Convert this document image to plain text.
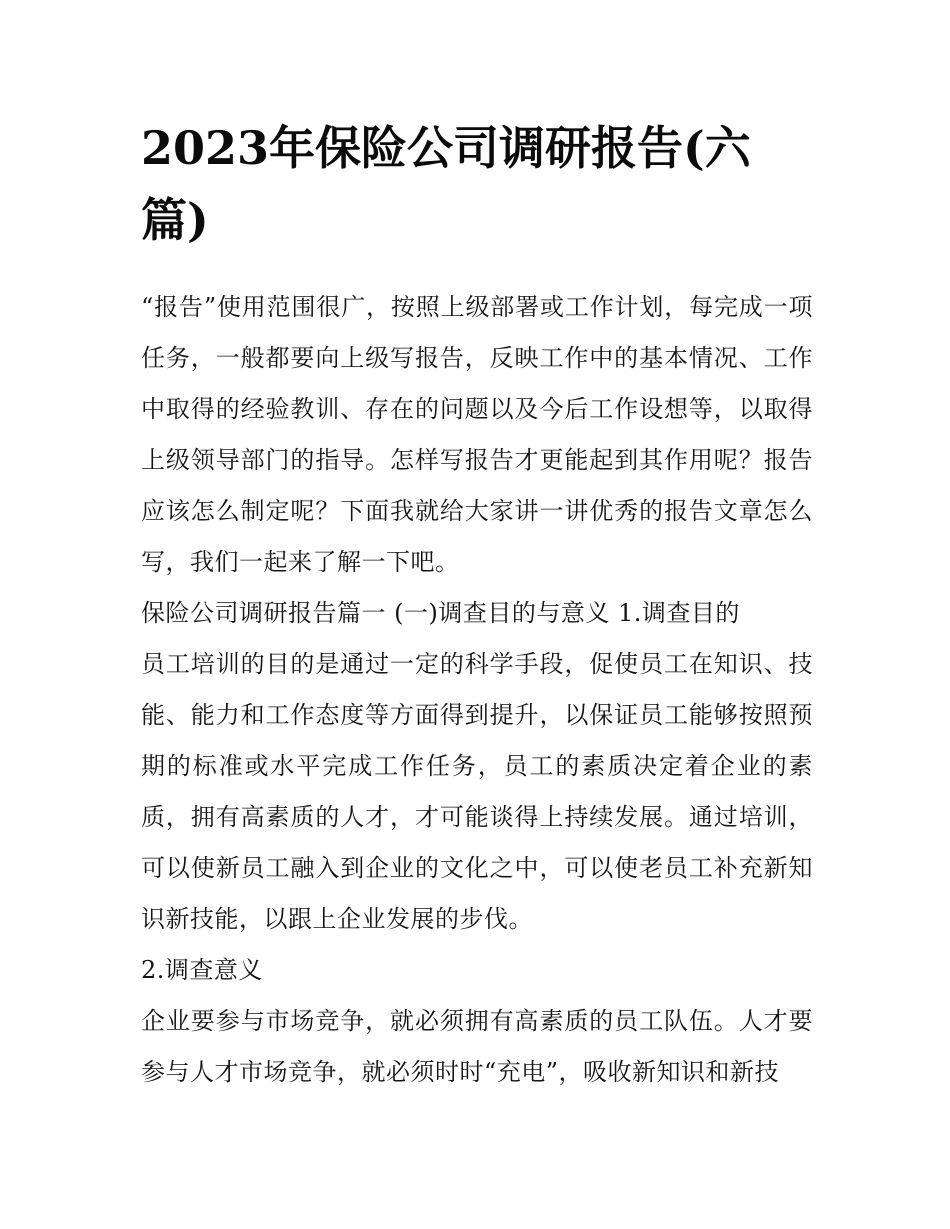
2023年保险公司调研报告(六篇)

“报告”使用范围很广，按照上级部署或工作计划，每完成一项任务，一般都要向上级写报告，反映工作中的基本情况、工作中取得的经验教训、存在的问题以及今后工作设想等，以取得上级领导部门的指导。怎样写报告才更能起到其作用呢？报告应该怎么制定呢？下面我就给大家讲一讲优秀的报告文章怎么写，我们一起来了解一下吧。

保险公司调研报告篇一 (一)调查目的与意义 1.调查目的

员工培训的目的是通过一定的科学手段，促使员工在知识、技能、能力和工作态度等方面得到提升，以保证员工能够按照预期的标准或水平完成工作任务，员工的素质决定着企业的素质，拥有高素质的人才，才可能谈得上持续发展。通过培训，可以使新员工融入到企业的文化之中，可以使老员工补充新知识新技能，以跟上企业发展的步伐。

2.调查意义

企业要参与市场竞争，就必须拥有高素质的员工队伍。人才要参与人才市场竞争，就必须时时“充电”，吸收新知识和新技
